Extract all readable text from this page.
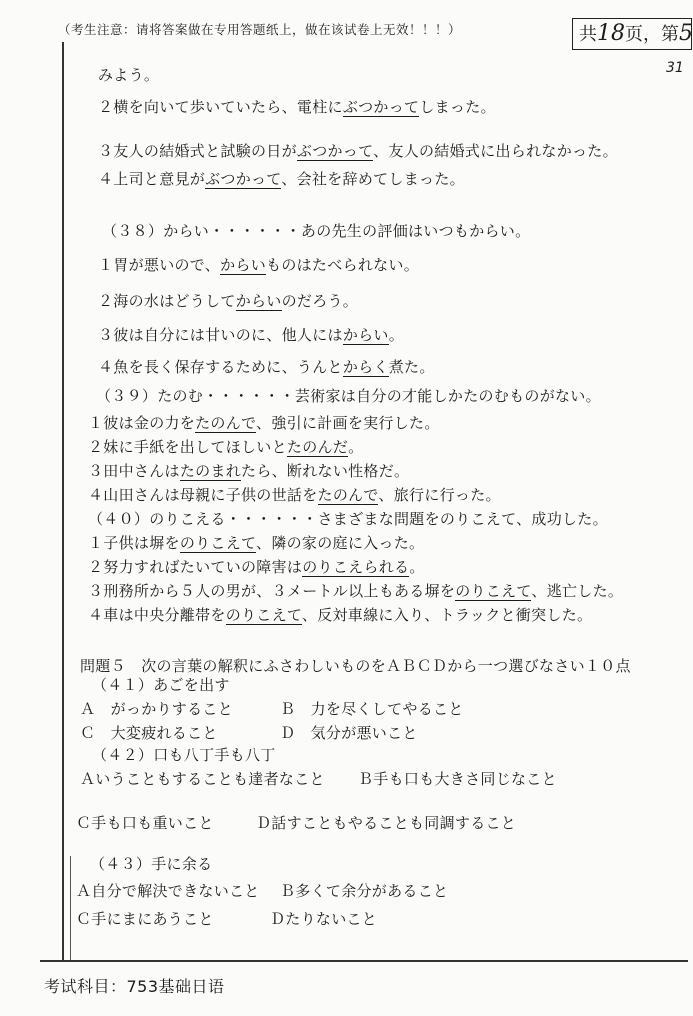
（考生注意：请将答案做在专用答题纸上，做在该试卷上无效！！！）	共18页，第5
31
みよう。
２横を向いて歩いていたら、電柱にぶつかってしまった。
３友人の結婚式と試験の日がぶつかって、友人の結婚式に出られなかった。
４上司と意見がぶつかって、会社を辞めてしまった。
（３８）からい・・・・・・あの先生の評価はいつもからい。
１胃が悪いので、からいものはたべられない。
２海の水はどうしてからいのだろう。
３彼は自分には甘いのに、他人にはからい。
４魚を長く保存するために、うんとからく煮た。
（３９）たのむ・・・・・・芸術家は自分の才能しかたのむものがない。
１彼は金の力をたのんで、強引に計画を実行した。
２妹に手紙を出してほしいとたのんだ。
３田中さんはたのまれたら、断れない性格だ。
４山田さんは母親に子供の世話をたのんで、旅行に行った。
（４０）のりこえる・・・・・・さまざまな問題をのりこえて、成功した。
１子供は塀をのりこえて、隣の家の庭に入った。
２努力すればたいていの障害はのりこえられる。
３刑務所から５人の男が、３メートル以上もある塀をのりこえて、逃亡した。
４車は中央分離帯をのりこえて、反対車線に入り、トラックと衝突した。
問題５　次の言葉の解釈にふさわしいものをＡＢＣＤから一つ選びなさい１０点
（４１）あごを出す
Ａ　がっかりすること	Ｂ　力を尽くしてやること
Ｃ　大変疲れること	Ｄ　気分が悪いこと
（４２）口も八丁手も八丁
Ａいうこともすることも達者なこと Ｂ手も口も大きさ同じなこと
Ｃ手も口も重いこと	Ｄ話すこともやることも同調すること
（４３）手に余る
Ａ自分で解決できないこと Ｂ多くて余分があること
Ｃ手にまにあうこと	Ｄたりないこと
考试科目：753基础日语
